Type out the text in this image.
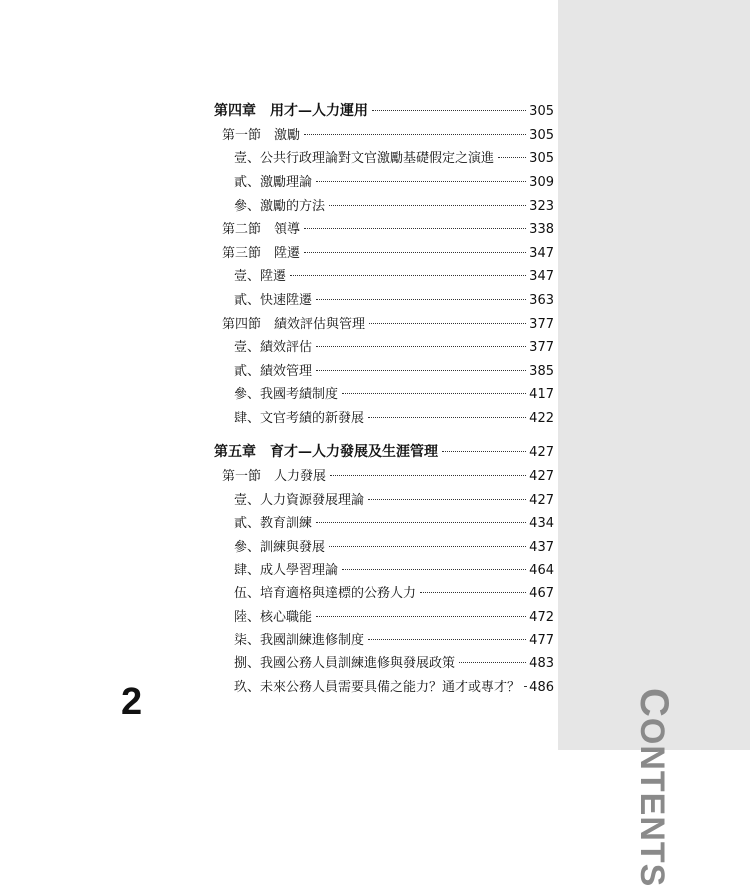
CONTENTS
第四章　用才—人力運用	305
第一節　激勵	305
壹、公共行政理論對文官激勵基礎假定之演進	305
貳、激勵理論	309
參、激勵的方法	323
第二節　領導	338
第三節　陞遷	347
壹、陞遷	347
貳、快速陞遷	363
第四節　績效評估與管理	377
壹、績效評估	377
貳、績效管理	385
參、我國考績制度	417
肆、文官考績的新發展	422
第五章　育才—人力發展及生涯管理	427
第一節　人力發展	427
壹、人力資源發展理論	427
貳、教育訓練	434
參、訓練與發展	437
肆、成人學習理論	464
伍、培育適格與達標的公務人力	467
陸、核心職能	472
柒、我國訓練進修制度	477
捌、我國公務人員訓練進修與發展政策	483
玖、未來公務人員需要具備之能力？通才或專才？ 486
2
